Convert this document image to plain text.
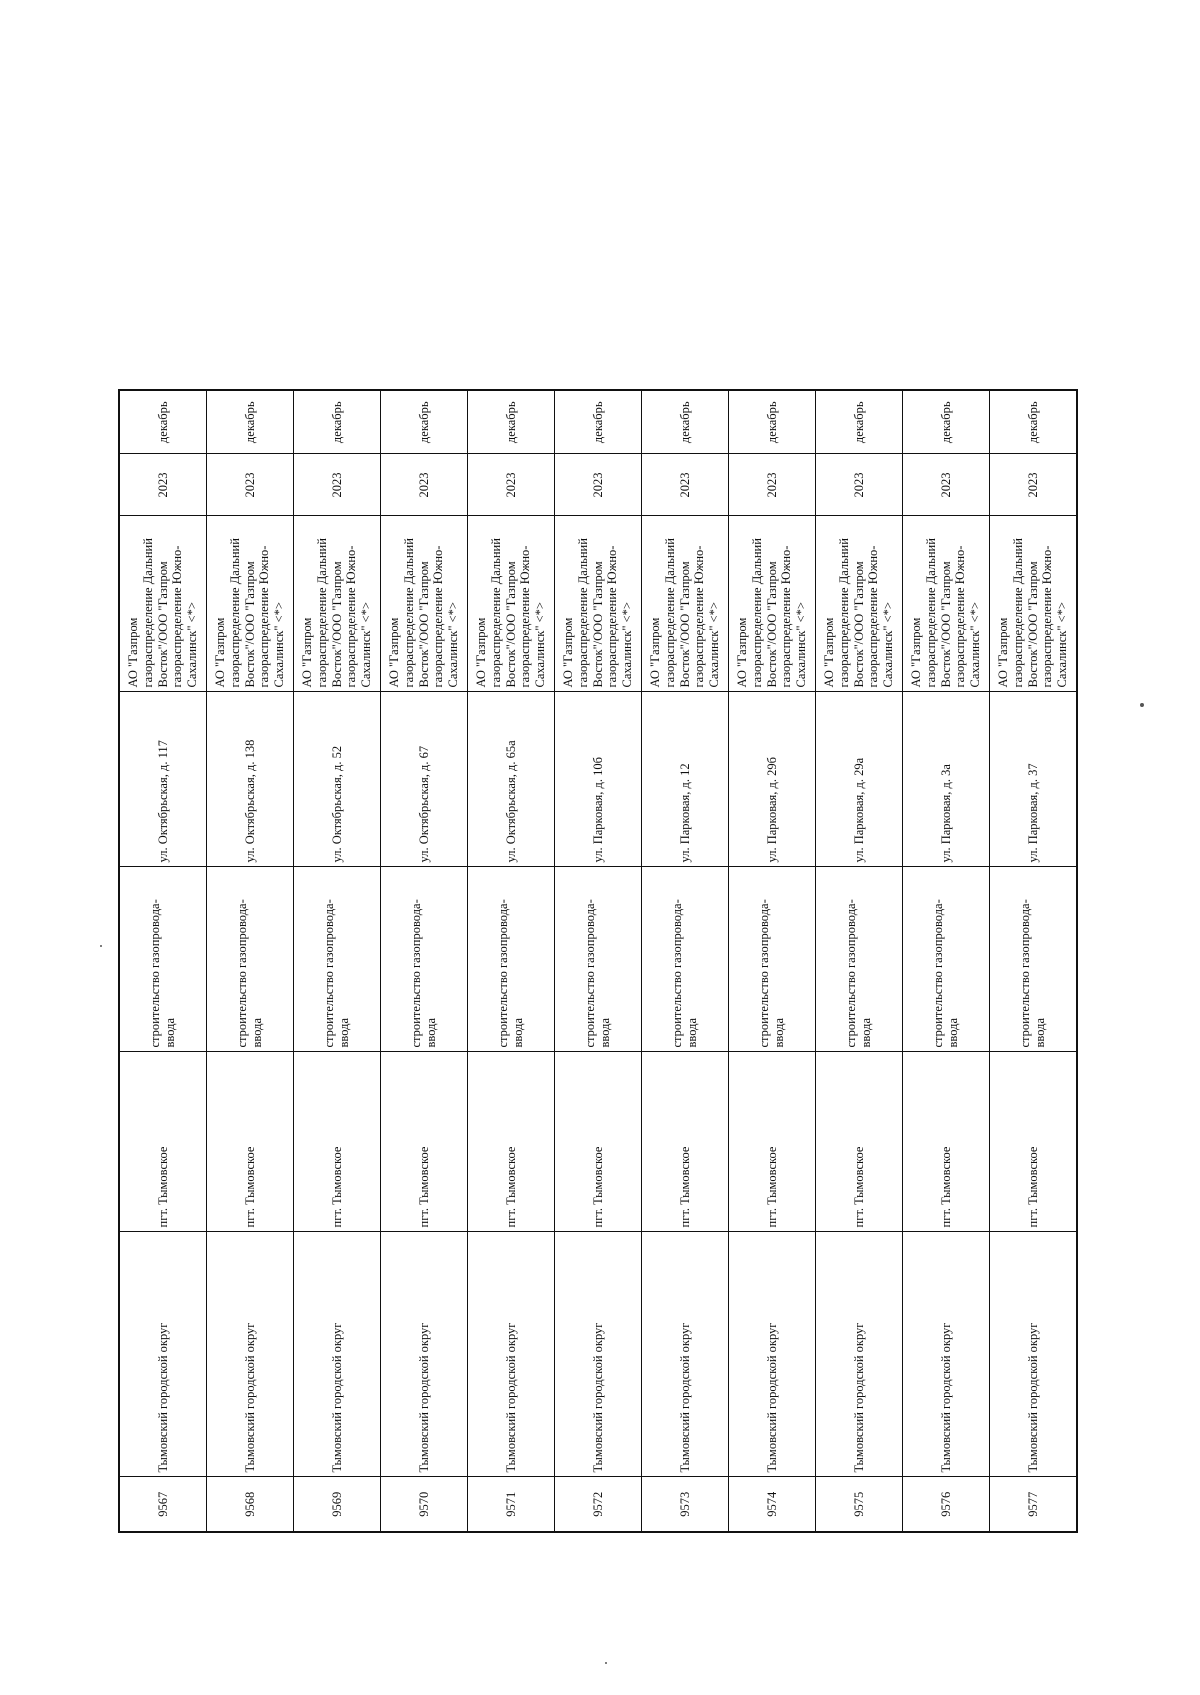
9567	Тымовский городской округ	пгт. Тымовское	строительство газопровода-ввода	ул. Октябрьская, д. 117	АО "Газпром газораспределение Дальний Восток"/ООО "Газпром газораспределение Южно-Сахалинск" <*>	2023	декабрь
9568	Тымовский городской округ	пгт. Тымовское	строительство газопровода-ввода	ул. Октябрьская, д. 138	АО "Газпром газораспределение Дальний Восток"/ООО "Газпром газораспределение Южно-Сахалинск" <*>	2023	декабрь
9569	Тымовский городской округ	пгт. Тымовское	строительство газопровода-ввода	ул. Октябрьская, д. 52	АО "Газпром газораспределение Дальний Восток"/ООО "Газпром газораспределение Южно-Сахалинск" <*>	2023	декабрь
9570	Тымовский городской округ	пгт. Тымовское	строительство газопровода-ввода	ул. Октябрьская, д. 67	АО "Газпром газораспределение Дальний Восток"/ООО "Газпром газораспределение Южно-Сахалинск" <*>	2023	декабрь
9571	Тымовский городской округ	пгт. Тымовское	строительство газопровода-ввода	ул. Октябрьская, д. 65а	АО "Газпром газораспределение Дальний Восток"/ООО "Газпром газораспределение Южно-Сахалинск" <*>	2023	декабрь
9572	Тымовский городской округ	пгт. Тымовское	строительство газопровода-ввода	ул. Парковая, д. 10б	АО "Газпром газораспределение Дальний Восток"/ООО "Газпром газораспределение Южно-Сахалинск" <*>	2023	декабрь
9573	Тымовский городской округ	пгт. Тымовское	строительство газопровода-ввода	ул. Парковая, д. 12	АО "Газпром газораспределение Дальний Восток"/ООО "Газпром газораспределение Южно-Сахалинск" <*>	2023	декабрь
9574	Тымовский городской округ	пгт. Тымовское	строительство газопровода-ввода	ул. Парковая, д. 29б	АО "Газпром газораспределение Дальний Восток"/ООО "Газпром газораспределение Южно-Сахалинск" <*>	2023	декабрь
9575	Тымовский городской округ	пгт. Тымовское	строительство газопровода-ввода	ул. Парковая, д. 29а	АО "Газпром газораспределение Дальний Восток"/ООО "Газпром газораспределение Южно-Сахалинск" <*>	2023	декабрь
9576	Тымовский городской округ	пгт. Тымовское	строительство газопровода-ввода	ул. Парковая, д. 3а	АО "Газпром газораспределение Дальний Восток"/ООО "Газпром газораспределение Южно-Сахалинск" <*>	2023	декабрь
9577	Тымовский городской округ	пгт. Тымовское	строительство газопровода-ввода	ул. Парковая, д. 37	АО "Газпром газораспределение Дальний Восток"/ООО "Газпром газораспределение Южно-Сахалинск" <*>	2023	декабрь
